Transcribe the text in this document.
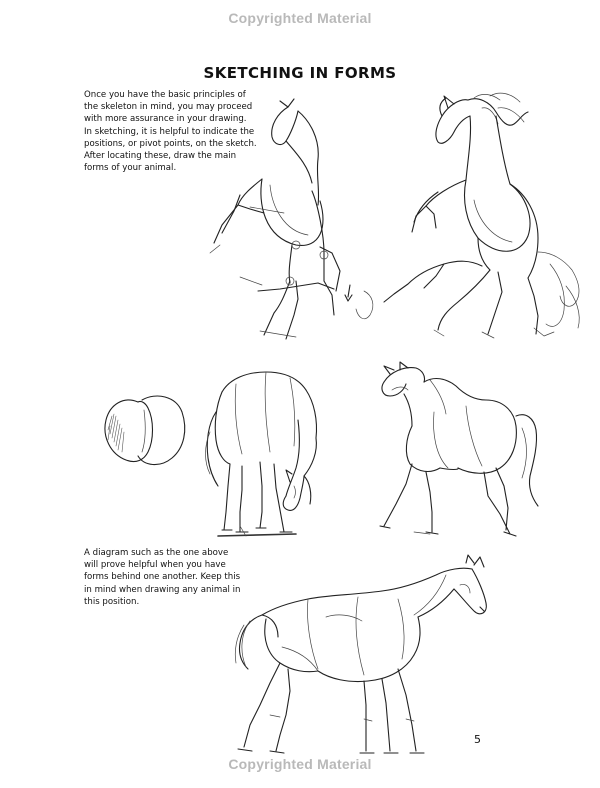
Copyrighted Material
SKETCHING IN FORMS
Once you have the basic principles of
the skeleton in mind, you may proceed
with more assurance in your drawing.
In sketching, it is helpful to indicate the
positions, or pivot points, on the sketch.
After locating these, draw the main
forms of your animal.
A diagram such as the one above
will prove helpful when you have
forms behind one another. Keep this
in mind when drawing any animal in
this position.
5
Copyrighted Material
